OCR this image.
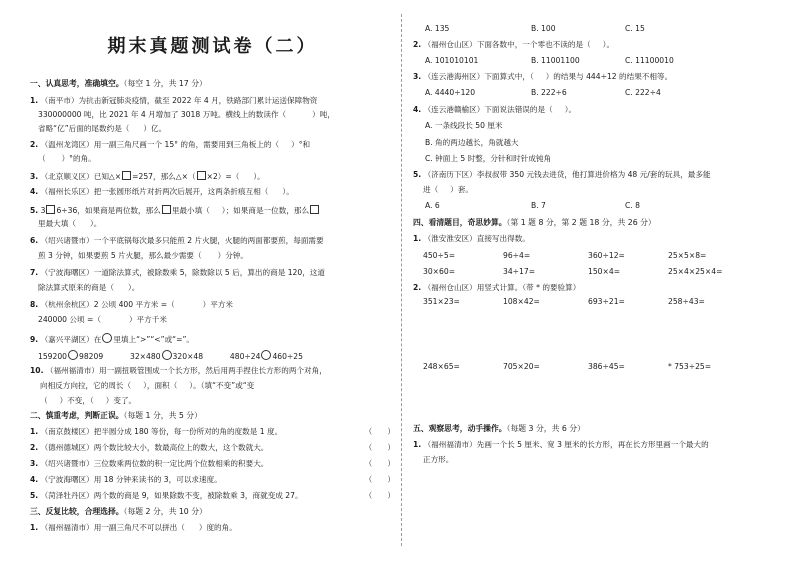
期末真题测试卷（二）
一、认真思考，准确填空。（每空 1 分，共 17 分）
1. （南平市）为抗击新冠肺炎疫情，截至 2022 年 4 月，铁路部门累计运送保障物资
330000000 吨，比 2021 年 4 月增加了 3018 万吨。横线上的数读作（	）吨，
省略“亿”后面的尾数约是（ ）亿。
2. （温州龙湾区）用一副三角尺画一个 15° 的角，需要用到三角板上的（ ）°和
（ ）°的角。
3. （北京顺义区）已知△× =257，那么△×（ ×2）=（ ）。
4. （福州长乐区）把一张圆形纸片对折两次后展开，这两条折痕互相（ ）。
5. 3 6÷36，如果商是两位数，那么 里最小填（ ）；如果商是一位数，那么
里最大填（ ）。
6. （绍兴诸暨市）一个平底锅每次最多只能煎 2 片火腿，火腿的两面都要煎，每面需要
煎 3 分钟，如果要煎 5 片火腿，那么最少需要（ ）分钟。
7. （宁波海曙区）一道除法算式，被除数乘 5，除数除以 5 后，算出的商是 120，这道
除法算式原来的商是（ ）。
8. （杭州余杭区）2 公顷 400 平方米 =（	）平方米
240000 公顷 =（	）平方千米
9. （嘉兴平湖区）在 里填上“>”“<”或“=”。
159200 98209	32×480 320×48	480÷24 460÷25
10. （福州福清市）用一副扭吸管围成一个长方形，然后用两手捏住长方形的两个对角，
向相反方向拉，它的周长（ ），面积（ ）。（填“不变”或“变
（ ）不变，（ ）变了。
二、慎重考虑，判断正误。（每题 1 分，共 5 分）
1. （南京鼓楼区）把半圆分成 180 等份，每一份所对的角的度数是 1 度。	（　　）
2. （德州德城区）两个数比较大小，数最高位上的数大，这个数就大。	（　　）
3. （绍兴诸暨市）三位数乘两位数的积一定比两个位数相乘的积要大。	（　　）
4. （宁波海曙区）用 18 分钟来读书的 3，可以求速度。	（　　）
5. （菏泽牡丹区）两个数的商是 9，如果除数不变，被除数乘 3，商就变成 27。	（　　）
三、反复比较，合理选择。（每题 2 分，共 10 分）
1. （福州福清市）用一副三角尺不可以拼出（ ）度的角。
A. 135	B. 100	C. 15
2. （福州仓山区）下面各数中，一个零也不读的是（ ）。
A. 101010101	B. 11001100	C. 11100010
3. （连云港海州区）下面算式中，（ ）的结果与 444÷12 的结果不相等。
A. 4440÷120	B. 222÷6	C. 222÷4
4. （连云港赣榆区）下面说法错误的是（ ）。
A. 一条线段长 50 厘米
B. 角的两边越长，角就越大
C. 钟面上 5 时整，分针和时针成钝角
5. （济南历下区）李叔叔带 350 元钱去进货，他打算进价格为 48 元/套的玩具，最多能
进（ ）套。
A. 6	B. 7	C. 8
四、看清题目，奇思妙算。（第 1 题 8 分，第 2 题 18 分，共 26 分）
1. （淮安淮安区）直接写出得数。
450÷5=	96÷4=	360÷12=	25×5×8=
30×60=	34÷17=	150×4=	25×4×25×4=
2. （福州仓山区）用竖式计算。（带 * 的要验算）
351×23=	108×42=	693÷21=	258÷43=
248×65=	705×20=	386÷45=	* 753÷25=
五、观察思考，动手操作。（每题 3 分，共 6 分）
1. （福州福清市）先画一个长 5 厘米、宽 3 厘米的长方形，再在长方形里画一个最大的
正方形。
